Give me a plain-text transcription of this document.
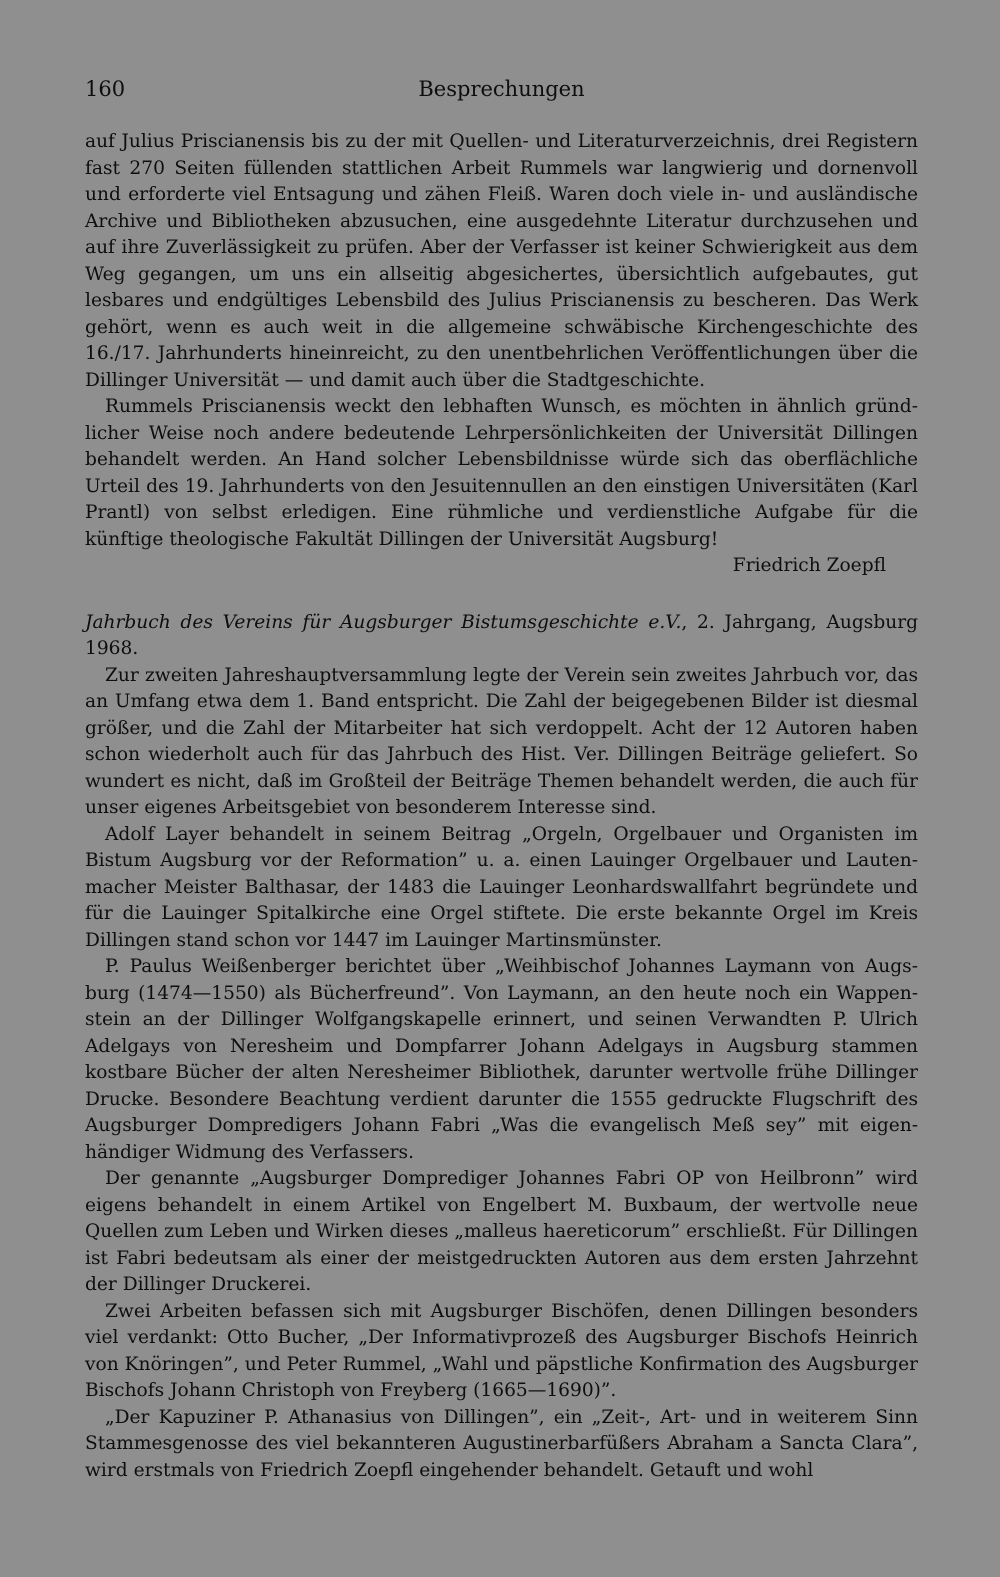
160	Besprechungen

auf Julius Priscianensis bis zu der mit Quellen- und Literaturverzeichnis, drei Registern fast 270 Seiten füllenden stattlichen Arbeit Rummels war langwierig und dornenvoll und erforderte viel Entsagung und zähen Fleiß. Waren doch viele in- und ausländische Archive und Bibliotheken abzusuchen, eine ausgedehnte Literatur durchzusehen und auf ihre Zuverlässigkeit zu prüfen. Aber der Verfasser ist keiner Schwierigkeit aus dem Weg gegangen, um uns ein allseitig abgesichertes, übersichtlich aufgebautes, gut lesbares und endgültiges Lebensbild des Julius Priscianensis zu bescheren. Das Werk gehört, wenn es auch weit in die allgemeine schwäbische Kirchengeschichte des 16./17. Jahrhunderts hineinreicht, zu den unentbehrlichen Veröffentlichungen über die Dillinger Universität — und damit auch über die Stadtgeschichte.

Rummels Priscianensis weckt den lebhaften Wunsch, es möchten in ähnlich gründlicher Weise noch andere bedeutende Lehrpersönlichkeiten der Universität Dillingen behandelt werden. An Hand solcher Lebensbildnisse würde sich das oberflächliche Urteil des 19. Jahrhunderts von den Jesuitennullen an den einstigen Universitäten (Karl Prantl) von selbst erledigen. Eine rühmliche und verdienstliche Aufgabe für die künftige theologische Fakultät Dillingen der Universität Augsburg!

Friedrich Zoepfl

Jahrbuch des Vereins für Augsburger Bistumsgeschichte e.V., 2. Jahrgang, Augsburg 1968.

Zur zweiten Jahreshauptversammlung legte der Verein sein zweites Jahrbuch vor, das an Umfang etwa dem 1. Band entspricht. Die Zahl der beigegebenen Bilder ist diesmal größer, und die Zahl der Mitarbeiter hat sich verdoppelt. Acht der 12 Autoren haben schon wiederholt auch für das Jahrbuch des Hist. Ver. Dillingen Beiträge geliefert. So wundert es nicht, daß im Großteil der Beiträge Themen behandelt werden, die auch für unser eigenes Arbeitsgebiet von besonderem Interesse sind.

Adolf Layer behandelt in seinem Beitrag „Orgeln, Orgelbauer und Organisten im Bistum Augsburg vor der Reformation” u. a. einen Lauinger Orgelbauer und Lautenmacher Meister Balthasar, der 1483 die Lauinger Leonhardswallfahrt begründete und für die Lauinger Spitalkirche eine Orgel stiftete. Die erste bekannte Orgel im Kreis Dillingen stand schon vor 1447 im Lauinger Martinsmünster.

P. Paulus Weißenberger berichtet über „Weihbischof Johannes Laymann von Augsburg (1474—1550) als Bücherfreund”. Von Laymann, an den heute noch ein Wappenstein an der Dillinger Wolfgangskapelle erinnert, und seinen Verwandten P. Ulrich Adelgays von Neresheim und Dompfarrer Johann Adelgays in Augsburg stammen kostbare Bücher der alten Neresheimer Bibliothek, darunter wertvolle frühe Dillinger Drucke. Besondere Beachtung verdient darunter die 1555 gedruckte Flugschrift des Augsburger Dompredigers Johann Fabri „Was die evangelisch Meß sey” mit eigenhändiger Widmung des Verfassers.

Der genannte „Augsburger Domprediger Johannes Fabri OP von Heilbronn” wird eigens behandelt in einem Artikel von Engelbert M. Buxbaum, der wertvolle neue Quellen zum Leben und Wirken dieses „malleus haereticorum” erschließt. Für Dillingen ist Fabri bedeutsam als einer der meistgedruckten Autoren aus dem ersten Jahrzehnt der Dillinger Druckerei.

Zwei Arbeiten befassen sich mit Augsburger Bischöfen, denen Dillingen besonders viel verdankt: Otto Bucher, „Der Informativprozeß des Augsburger Bischofs Heinrich von Knöringen”, und Peter Rummel, „Wahl und päpstliche Konfirmation des Augsburger Bischofs Johann Christoph von Freyberg (1665—1690)”.

„Der Kapuziner P. Athanasius von Dillingen”, ein „Zeit-, Art- und in weiterem Sinn Stammesgenosse des viel bekannteren Augustinerbarfüßers Abraham a Sancta Clara”, wird erstmals von Friedrich Zoepfl eingehender behandelt. Getauft und wohl
